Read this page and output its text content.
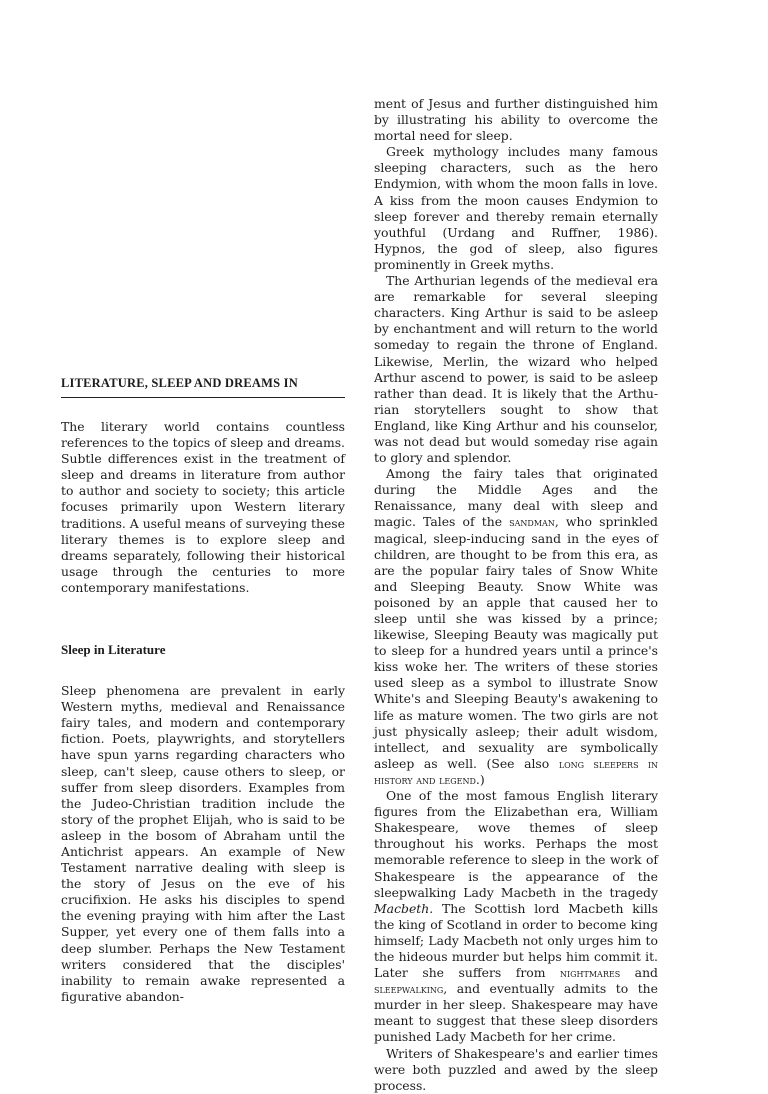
LITERATURE, SLEEP AND DREAMS IN

The literary world contains countless references to the topics of sleep and dreams. Subtle differences exist in the treatment of sleep and dreams in literature from author to author and society to society; this article focuses primarily upon Western literary traditions. A useful means of surveying these literary themes is to explore sleep and dreams separately, following their historical usage through the centuries to more contemporary manifestations.

Sleep in Literature

Sleep phenomena are prevalent in early Western myths, medieval and Renaissance fairy tales, and modern and contemporary fiction. Poets, playwrights, and storytellers have spun yarns regarding characters who sleep, can't sleep, cause others to sleep, or suffer from sleep disorders. Examples from the Judeo-Christian tradition include the story of the prophet Elijah, who is said to be asleep in the bosom of Abraham until the Antichrist appears. An example of New Testament narrative dealing with sleep is the story of Jesus on the eve of his crucifixion. He asks his disciples to spend the evening praying with him after the Last Supper, yet every one of them falls into a deep slumber. Perhaps the New Testament writers considered that the disciples' inability to remain awake represented a figurative abandon-

ment of Jesus and further distinguished him by illustrating his ability to overcome the mortal need for sleep.

Greek mythology includes many famous sleeping characters, such as the hero Endymion, with whom the moon falls in love. A kiss from the moon causes Endymion to sleep forever and thereby remain eternally youthful (Urdang and Ruffner, 1986). Hypnos, the god of sleep, also figures prominently in Greek myths.

The Arthurian legends of the medieval era are remarkable for several sleeping characters. King Arthur is said to be asleep by enchantment and will return to the world someday to regain the throne of England. Likewise, Merlin, the wizard who helped Arthur ascend to power, is said to be asleep rather than dead. It is likely that the Arthurian storytellers sought to show that England, like King Arthur and his counselor, was not dead but would someday rise again to glory and splendor.

Among the fairy tales that originated during the Middle Ages and the Renaissance, many deal with sleep and magic. Tales of the sandman, who sprinkled magical, sleep-inducing sand in the eyes of children, are thought to be from this era, as are the popular fairy tales of Snow White and Sleeping Beauty. Snow White was poisoned by an apple that caused her to sleep until she was kissed by a prince; likewise, Sleeping Beauty was magically put to sleep for a hundred years until a prince's kiss woke her. The writers of these stories used sleep as a symbol to illustrate Snow White's and Sleeping Beauty's awakening to life as mature women. The two girls are not just physically asleep; their adult wisdom, intellect, and sexuality are symbolically asleep as well. (See also long sleepers in history and legend.)

One of the most famous English literary figures from the Elizabethan era, William Shakespeare, wove themes of sleep throughout his works. Perhaps the most memorable reference to sleep in the work of Shakespeare is the appearance of the sleepwalking Lady Macbeth in the tragedy Macbeth. The Scottish lord Macbeth kills the king of Scotland in order to become king himself; Lady Macbeth not only urges him to the hideous murder but helps him commit it. Later she suffers from nightmares and sleepwalking, and eventually admits to the murder in her sleep. Shakespeare may have meant to suggest that these sleep disorders punished Lady Macbeth for her crime.

Writers of Shakespeare's and earlier times were both puzzled and awed by the sleep process.
